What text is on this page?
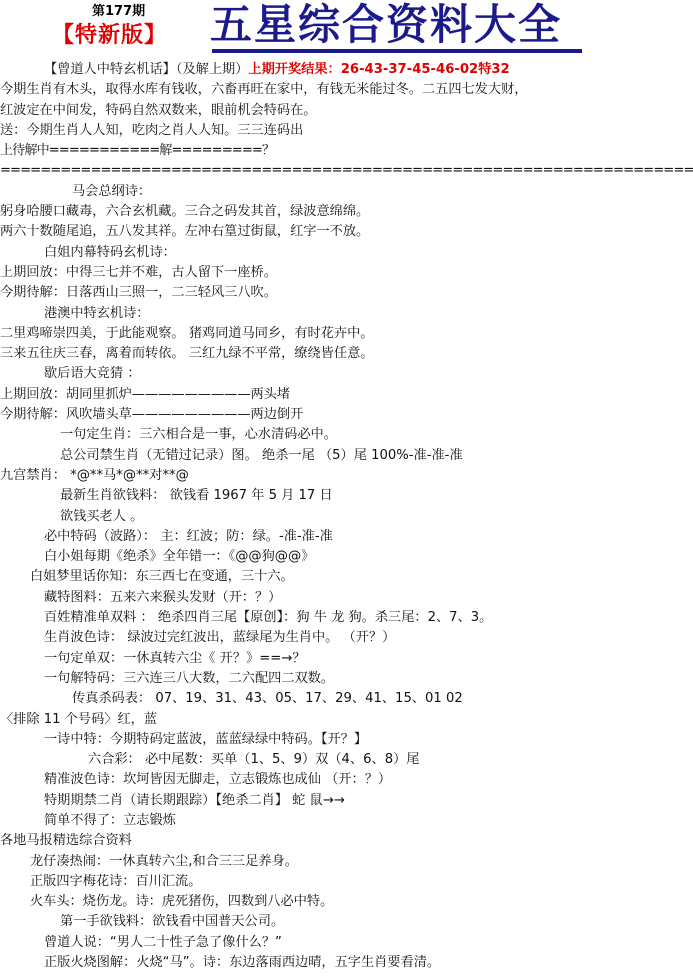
第177期
【特新版】 五星综合资料大全
【曾道人中特玄机话】（及解上期）上期开奖结果：26-43-37-45-46-02特32
今期生肖有木头，取得水库有钱收，六畜再旺在家中，有钱无米能过冬。二五四七发大财，
红波定在中间发，特码自然双数来，眼前机会特码在。
送：今期生肖人人知，吃肉之肖人人知。三三连码出
上待解中===========解=========？
=====================================================================
马会总纲诗：
躬身哈腰口藏毒，六合玄机藏。三合之码发其首，绿波意绵绵。
两六十数随尾追，五八发其祥。左冲右篁过街鼠，红字一不放。
白姐内幕特码玄机诗：
上期回放：中得三七并不难，古人留下一座桥。
今期待解：日落西山三照一，二三轻风三八吹。
港澳中特玄机诗：
二里鸡啼崇四美，于此能观察。 猪鸡同道马同乡，有时花卉中。
三来五往庆三春，离着而转依。 三红九绿不平常，缭绕皆任意。
歇后语大竞猜 ：
上期回放：胡同里抓炉—————————两头堵
今期待解：风吹墙头草—————————两边倒开
一句定生肖：三六相合是一事，心水清码必中。
总公司禁生肖（无错过记录）图。 绝杀一尾 （5）尾 100%-准-准-准
九宫禁肖： *@**马*@**对**@
最新生肖欲钱料： 欲钱看 1967 年 5 月 17 日
欲钱买老人 。
必中特码（波路）： 主：红波；防：绿。-准-准-准
白小姐每期《绝杀》全年错一：《@@狗@@》
白姐梦里话你知：东三西七在变通，三十六。
藏特图料：五来六来猴头发财（开：？）
百姓精准单双料 ： 绝杀四肖三尾【原创】：狗 牛 龙 狗。杀三尾：2、7、3。
生肖波色诗： 绿波过完红波出，蓝绿尾为生肖中。 （开？）
一句定单双：一休真转六尘《 开？》==→？
一句解特码：三六连三八大数，二六配四二双数。
传真杀码表： 07、19、31、43、05、17、29、41、15、01 02
〈排除 11 个号码〉红，蓝
一诗中特：今期特码定蓝波，蓝蓝绿绿中特码。【开？】
六合彩： 必中尾数：买单（1、5、9）双（4、6、8）尾
精准波色诗：坎坷皆因无脚走，立志锻炼也成仙 （开：？）
特期期禁二肖（请长期跟踪）【绝杀二肖】 蛇 鼠→→
简单不得了：立志锻炼
各地马报精选综合资料
龙仔凑热闹：一休真转六尘,和合三三足养身。
正版四字梅花诗：百川汇流。
火车头：烧伤龙。诗：虎死猪伤，四数到八必中特。
第一手欲钱料：欲钱看中国普天公司。
曾道人说：“男人二十性子急了像什么？”
正版火烧图解：火烧“马”。诗：东边落雨西边晴，五字生肖要看清。
